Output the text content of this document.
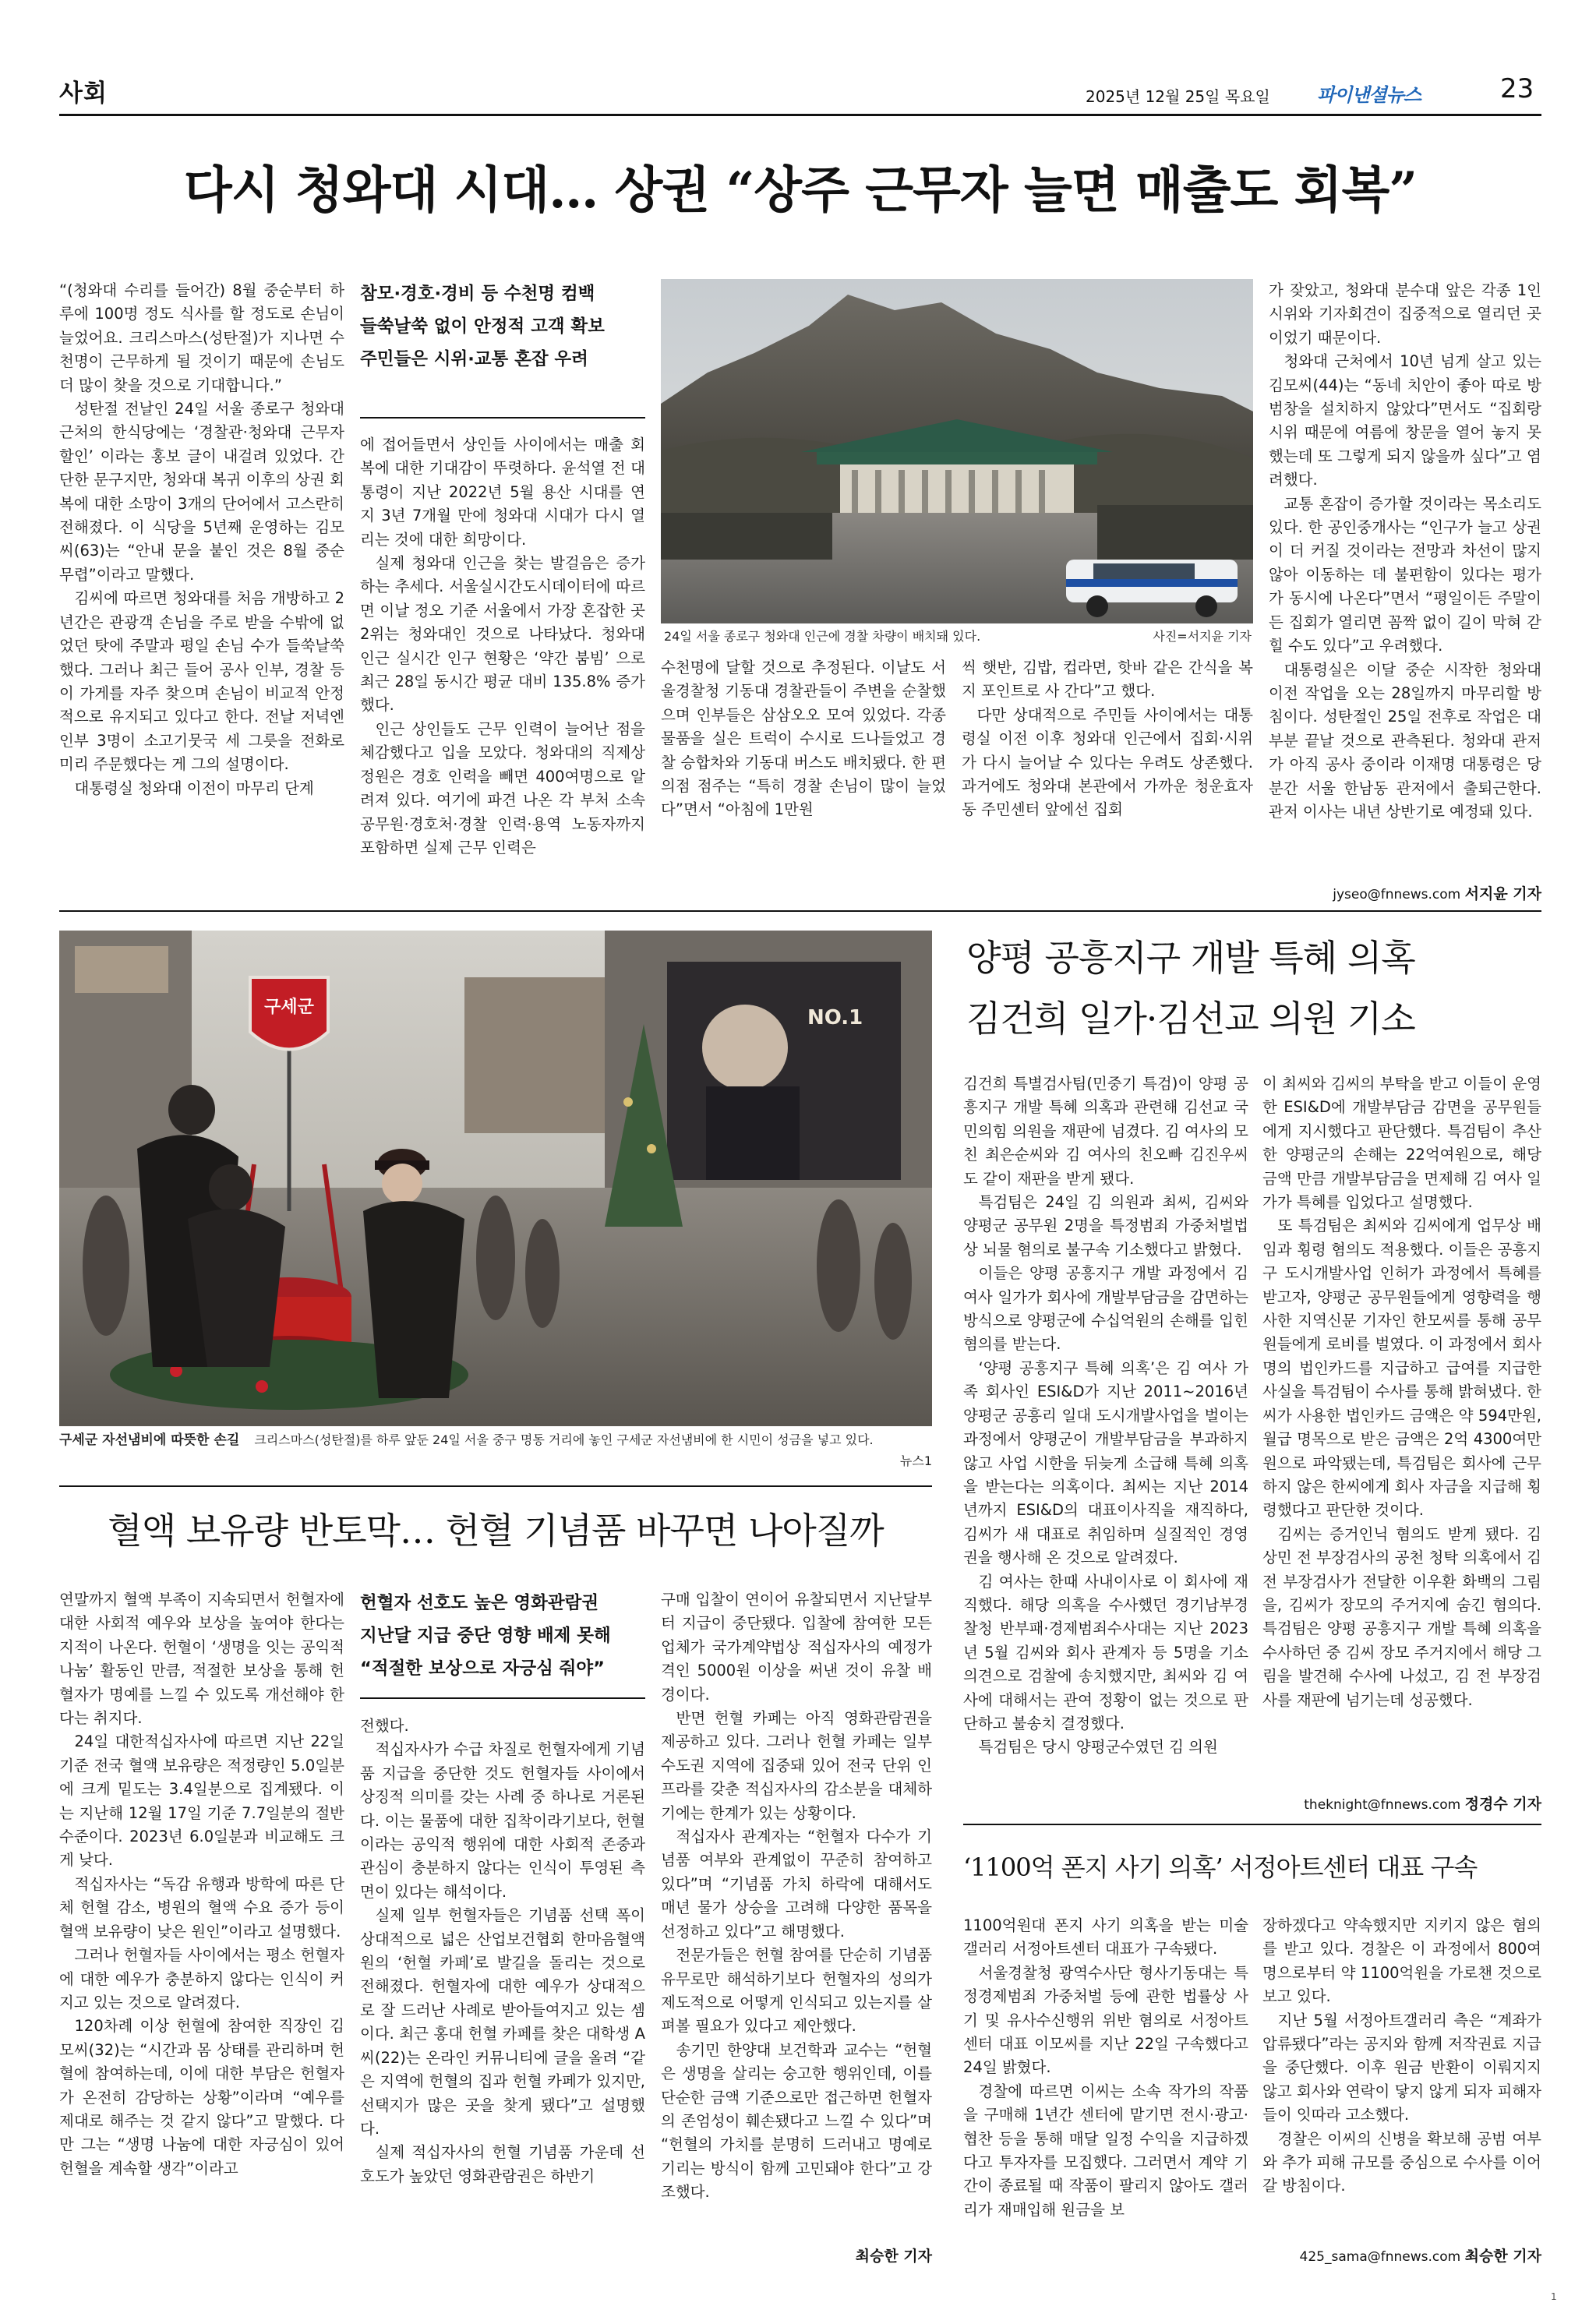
사회	2025년 12월 25일 목요일	파이낸셜뉴스	23
다시 청와대 시대… 상권 “상주 근무자 늘면 매출도 회복”

“(청와대 수리를 들어간) 8월 중순부터 하루에 100명 정도 식사를 할 정도로 손님이 늘었어요. 크리스마스(성탄절)가 지나면 수천명이 근무하게 될 것이기 때문에 손님도 더 많이 찾을 것으로 기대합니다.”

성탄절 전날인 24일 서울 종로구 청와대 근처의 한식당에는 ‘경찰관·청와대 근무자 할인’ 이라는 홍보 글이 내걸려 있었다. 간단한 문구지만, 청와대 복귀 이후의 상권 회복에 대한 소망이 3개의 단어에서 고스란히 전해졌다. 이 식당을 5년째 운영하는 김모씨(63)는 “안내 문을 붙인 것은 8월 중순 무렵”이라고 말했다.

김씨에 따르면 청와대를 처음 개방하고 2년간은 관광객 손님을 주로 받을 수밖에 없었던 탓에 주말과 평일 손님 수가 들쑥날쑥했다. 그러나 최근 들어 공사 인부, 경찰 등이 가게를 자주 찾으며 손님이 비교적 안정적으로 유지되고 있다고 한다. 전날 저녁엔 인부 3명이 소고기뭇국 세 그릇을 전화로 미리 주문했다는 게 그의 설명이다.

대통령실 청와대 이전이 마무리 단계

참모·경호·경비 등 수천명 컴백
들쑥날쑥 없이 안정적 고객 확보
주민들은 시위·교통 혼잡 우려

에 접어들면서 상인들 사이에서는 매출 회복에 대한 기대감이 뚜렷하다. 윤석열 전 대통령이 지난 2022년 5월 용산 시대를 연 지 3년 7개월 만에 청와대 시대가 다시 열리는 것에 대한 희망이다.

실제 청와대 인근을 찾는 발걸음은 증가하는 추세다. 서울실시간도시데이터에 따르면 이날 정오 기준 서울에서 가장 혼잡한 곳 2위는 청와대인 것으로 나타났다. 청와대 인근 실시간 인구 현황은 ‘약간 붐빔’ 으로 최근 28일 동시간 평균 대비 135.8% 증가했다.

인근 상인들도 근무 인력이 늘어난 점을 체감했다고 입을 모았다. 청와대의 직제상 정원은 경호 인력을 빼면 400여명으로 알려져 있다. 여기에 파견 나온 각 부처 소속 공무원·경호처·경찰 인력·용역 노동자까지 포함하면 실제 근무 인력은

24일 서울 종로구 청와대 인근에 경찰 차량이 배치돼 있다.	사진=서지윤 기자

수천명에 달할 것으로 추정된다. 이날도 서울경찰청 기동대 경찰관들이 주변을 순찰했으며 인부들은 삼삼오오 모여 있었다. 각종 물품을 실은 트럭이 수시로 드나들었고 경찰 승합차와 기동대 버스도 배치됐다. 한 편의점 점주는 “특히 경찰 손님이 많이 늘었다”면서 “아침에 1만원

씩 햇반, 김밥, 컵라면, 핫바 같은 간식을 복지 포인트로 사 간다”고 했다.

다만 상대적으로 주민들 사이에서는 대통령실 이전 이후 청와대 인근에서 집회·시위가 다시 늘어날 수 있다는 우려도 상존했다. 과거에도 청와대 본관에서 가까운 청운효자동 주민센터 앞에선 집회

가 잦았고, 청와대 분수대 앞은 각종 1인 시위와 기자회견이 집중적으로 열리던 곳이었기 때문이다.

청와대 근처에서 10년 넘게 살고 있는 김모씨(44)는 “동네 치안이 좋아 따로 방범창을 설치하지 않았다”면서도 “집회랑 시위 때문에 여름에 창문을 열어 놓지 못했는데 또 그렇게 되지 않을까 싶다”고 염려했다.

교통 혼잡이 증가할 것이라는 목소리도 있다. 한 공인중개사는 “인구가 늘고 상권이 더 커질 것이라는 전망과 차선이 많지 않아 이동하는 데 불편함이 있다는 평가가 동시에 나온다”면서 “평일이든 주말이든 집회가 열리면 꼼짝 없이 길이 막혀 갇힐 수도 있다”고 우려했다.

대통령실은 이달 중순 시작한 청와대 이전 작업을 오는 28일까지 마무리할 방침이다. 성탄절인 25일 전후로 작업은 대부분 끝날 것으로 관측된다. 청와대 관저가 아직 공사 중이라 이재명 대통령은 당분간 서울 한남동 관저에서 출퇴근한다. 관저 이사는 내년 상반기로 예정돼 있다.

jyseo@fnnews.com 서지윤 기자
NO.1
구세군
구세군 자선냄비에 따뜻한 손길 크리스마스(성탄절)를 하루 앞둔 24일 서울 중구 명동 거리에 놓인 구세군 자선냄비에 한 시민이 성금을 넣고 있다.
뉴스1
양평 공흥지구 개발 특혜 의혹
김건희 일가·김선교 의원 기소

김건희 특별검사팀(민중기 특검)이 양평 공흥지구 개발 특혜 의혹과 관련해 김선교 국민의힘 의원을 재판에 넘겼다. 김 여사의 모친 최은순씨와 김 여사의 친오빠 김진우씨도 같이 재판을 받게 됐다.

특검팀은 24일 김 의원과 최씨, 김씨와 양평군 공무원 2명을 특정범죄 가중처벌법상 뇌물 혐의로 불구속 기소했다고 밝혔다.

이들은 양평 공흥지구 개발 과정에서 김 여사 일가가 회사에 개발부담금을 감면하는 방식으로 양평군에 수십억원의 손해를 입힌 혐의를 받는다.

‘양평 공흥지구 특혜 의혹’은 김 여사 가족 회사인 ESI&D가 지난 2011~2016년 양평군 공흥리 일대 도시개발사업을 벌이는 과정에서 양평군이 개발부담금을 부과하지 않고 사업 시한을 뒤늦게 소급해 특혜 의혹을 받는다는 의혹이다. 최씨는 지난 2014년까지 ESI&D의 대표이사직을 재직하다, 김씨가 새 대표로 취임하며 실질적인 경영권을 행사해 온 것으로 알려졌다.

김 여사는 한때 사내이사로 이 회사에 재직했다. 해당 의혹을 수사했던 경기남부경찰청 반부패·경제범죄수사대는 지난 2023년 5월 김씨와 회사 관계자 등 5명을 기소 의견으로 검찰에 송치했지만, 최씨와 김 여사에 대해서는 관여 정황이 없는 것으로 판단하고 불송치 결정했다.

특검팀은 당시 양평군수였던 김 의원

이 최씨와 김씨의 부탁을 받고 이들이 운영한 ESI&D에 개발부담금 감면을 공무원들에게 지시했다고 판단했다. 특검팀이 추산한 양평군의 손해는 22억여원으로, 해당 금액 만큼 개발부담금을 면제해 김 여사 일가가 특혜를 입었다고 설명했다.

또 특검팀은 최씨와 김씨에게 업무상 배임과 횡령 혐의도 적용했다. 이들은 공흥지구 도시개발사업 인허가 과정에서 특혜를 받고자, 양평군 공무원들에게 영향력을 행사한 지역신문 기자인 한모씨를 통해 공무원들에게 로비를 벌였다. 이 과정에서 회사 명의 법인카드를 지급하고 급여를 지급한 사실을 특검팀이 수사를 통해 밝혀냈다. 한씨가 사용한 법인카드 금액은 약 594만원, 월급 명목으로 받은 금액은 2억 4300여만원으로 파악됐는데, 특검팀은 회사에 근무하지 않은 한씨에게 회사 자금을 지급해 횡령했다고 판단한 것이다.

김씨는 증거인닉 혐의도 받게 됐다. 김상민 전 부장검사의 공천 청탁 의혹에서 김 전 부장검사가 전달한 이우환 화백의 그림을, 김씨가 장모의 주거지에 숨긴 혐의다. 특검팀은 양평 공흥지구 개발 특혜 의혹을 수사하던 중 김씨 장모 주거지에서 해당 그림을 발견해 수사에 나섰고, 김 전 부장검사를 재판에 넘기는데 성공했다.

theknight@fnnews.com 정경수 기자
혈액 보유량 반토막… 헌혈 기념품 바꾸면 나아질까

연말까지 혈액 부족이 지속되면서 헌혈자에 대한 사회적 예우와 보상을 높여야 한다는 지적이 나온다. 헌혈이 ‘생명을 잇는 공익적 나눔’ 활동인 만큼, 적절한 보상을 통해 헌혈자가 명예를 느낄 수 있도록 개선해야 한다는 취지다.

24일 대한적십자사에 따르면 지난 22일 기준 전국 혈액 보유량은 적정량인 5.0일분에 크게 밑도는 3.4일분으로 집계됐다. 이는 지난해 12월 17일 기준 7.7일분의 절반 수준이다. 2023년 6.0일분과 비교해도 크게 낮다.

적십자사는 “독감 유행과 방학에 따른 단체 헌혈 감소, 병원의 혈액 수요 증가 등이 혈액 보유량이 낮은 원인”이라고 설명했다.

그러나 헌혈자들 사이에서는 평소 헌혈자에 대한 예우가 충분하지 않다는 인식이 커지고 있는 것으로 알려졌다.

120차례 이상 헌혈에 참여한 직장인 김모씨(32)는 “시간과 몸 상태를 관리하며 헌혈에 참여하는데, 이에 대한 부담은 헌혈자가 온전히 감당하는 상황”이라며 “예우를 제대로 해주는 것 같지 않다”고 말했다. 다만 그는 “생명 나눔에 대한 자긍심이 있어 헌혈을 계속할 생각”이라고

헌혈자 선호도 높은 영화관람권
지난달 지급 중단 영향 배제 못해
“적절한 보상으로 자긍심 줘야”

전했다.

적십자사가 수급 차질로 헌혈자에게 기념품 지급을 중단한 것도 헌혈자들 사이에서 상징적 의미를 갖는 사례 중 하나로 거론된다. 이는 물품에 대한 집착이라기보다, 헌혈이라는 공익적 행위에 대한 사회적 존중과 관심이 충분하지 않다는 인식이 투영된 측면이 있다는 해석이다.

실제 일부 헌혈자들은 기념품 선택 폭이 상대적으로 넓은 산업보건협회 한마음혈액원의 ‘헌혈 카페’로 발길을 돌리는 것으로 전해졌다. 헌혈자에 대한 예우가 상대적으로 잘 드러난 사례로 받아들여지고 있는 셈이다. 최근 홍대 헌혈 카페를 찾은 대학생 A씨(22)는 온라인 커뮤니티에 글을 올려 “같은 지역에 헌혈의 집과 헌혈 카페가 있지만, 선택지가 많은 곳을 찾게 됐다”고 설명했다.

실제 적십자사의 헌혈 기념품 가운데 선호도가 높았던 영화관람권은 하반기

구매 입찰이 연이어 유찰되면서 지난달부터 지급이 중단됐다. 입찰에 참여한 모든 업체가 국가계약법상 적십자사의 예정가격인 5000원 이상을 써낸 것이 유찰 배경이다.

반면 헌혈 카페는 아직 영화관람권을 제공하고 있다. 그러나 헌혈 카페는 일부 수도권 지역에 집중돼 있어 전국 단위 인프라를 갖춘 적십자사의 감소분을 대체하기에는 한계가 있는 상황이다.

적십자사 관계자는 “헌혈자 다수가 기념품 여부와 관계없이 꾸준히 참여하고 있다”며 “기념품 가치 하락에 대해서도 매년 물가 상승을 고려해 다양한 품목을 선정하고 있다”고 해명했다.

전문가들은 헌혈 참여를 단순히 기념품 유무로만 해석하기보다 헌혈자의 성의가 제도적으로 어떻게 인식되고 있는지를 살펴볼 필요가 있다고 제안했다.

송기민 한양대 보건학과 교수는 “헌혈은 생명을 살리는 숭고한 행위인데, 이를 단순한 금액 기준으로만 접근하면 헌혈자의 존엄성이 훼손됐다고 느낄 수 있다”며 “헌혈의 가치를 분명히 드러내고 명예로 기리는 방식이 함께 고민돼야 한다”고 강조했다.

최승한 기자
‘1100억 폰지 사기 의혹’ 서정아트센터 대표 구속

1100억원대 폰지 사기 의혹을 받는 미술 갤러리 서정아트센터 대표가 구속됐다.

서울경찰청 광역수사단 형사기동대는 특정경제범죄 가중처벌 등에 관한 법률상 사기 및 유사수신행위 위반 혐의로 서정아트센터 대표 이모씨를 지난 22일 구속했다고 24일 밝혔다.

경찰에 따르면 이씨는 소속 작가의 작품을 구매해 1년간 센터에 맡기면 전시·광고·협찬 등을 통해 매달 일정 수익을 지급하겠다고 투자자를 모집했다. 그러면서 계약 기간이 종료될 때 작품이 팔리지 않아도 갤러리가 재매입해 원금을 보

장하겠다고 약속했지만 지키지 않은 혐의를 받고 있다. 경찰은 이 과정에서 800여명으로부터 약 1100억원을 가로챈 것으로 보고 있다.

지난 5월 서정아트갤러리 측은 “계좌가 압류됐다”라는 공지와 함께 저작권료 지급을 중단했다. 이후 원금 반환이 이뤄지지 않고 회사와 연락이 닿지 않게 되자 피해자들이 잇따라 고소했다.

경찰은 이씨의 신병을 확보해 공범 여부와 추가 피해 규모를 중심으로 수사를 이어갈 방침이다.

425_sama@fnnews.com 최승한 기자
1
